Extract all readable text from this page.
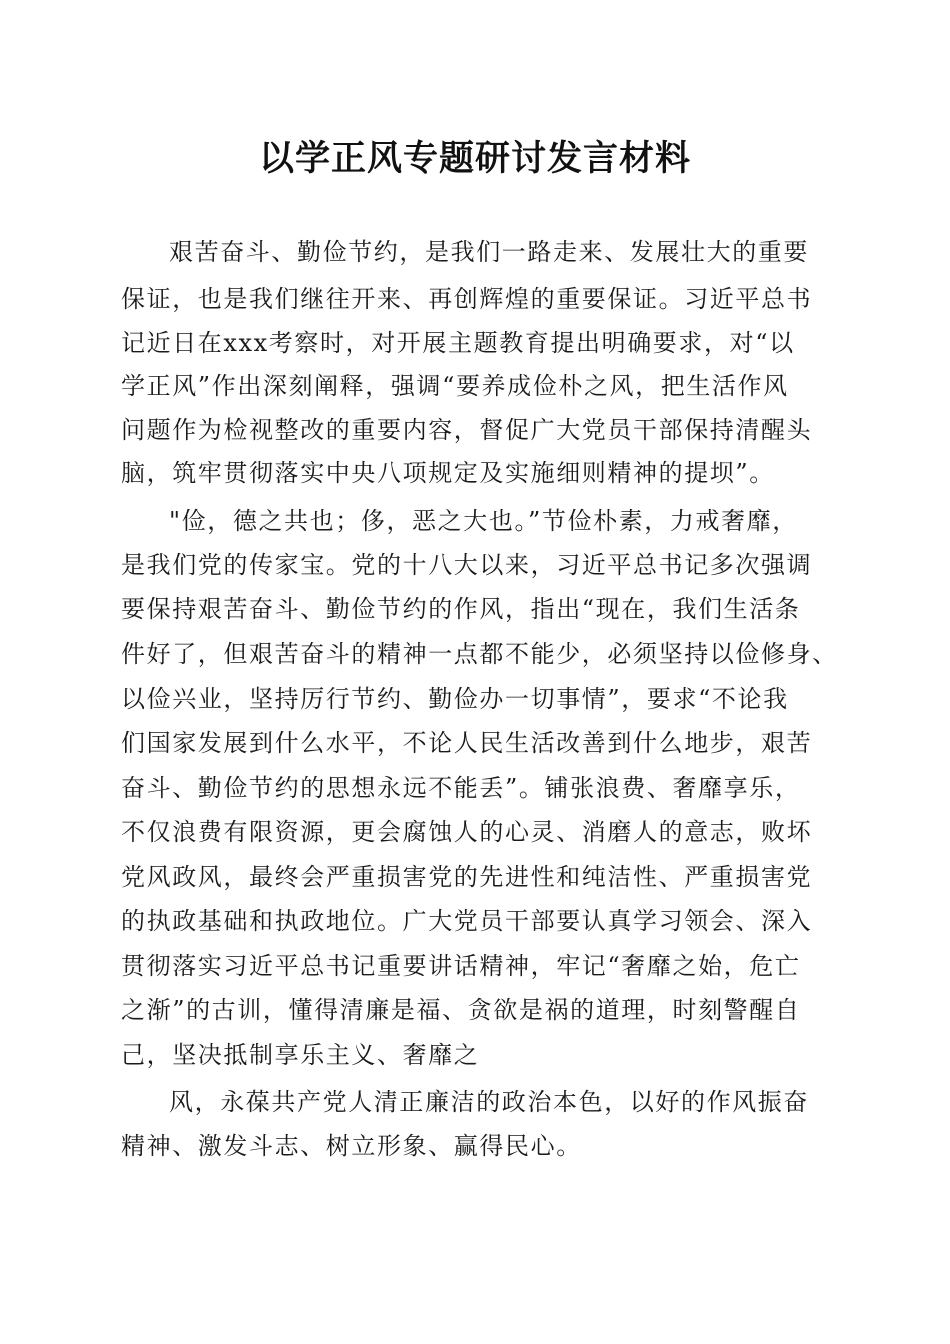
以学正风专题研讨发言材料
艰苦奋斗、勤俭节约，是我们一路走来、发展壮大的重要
保证，也是我们继往开来、再创辉煌的重要保证。习近平总书
记近日在xxx考察时，对开展主题教育提出明确要求，对“以
学正风”作出深刻阐释，强调“要养成俭朴之风，把生活作风
问题作为检视整改的重要内容，督促广大党员干部保持清醒头
脑，筑牢贯彻落实中央八项规定及实施细则精神的提坝”。
"俭，德之共也；侈，恶之大也。”节俭朴素，力戒奢靡，
是我们党的传家宝。党的十八大以来，习近平总书记多次强调
要保持艰苦奋斗、勤俭节约的作风，指出“现在，我们生活条
件好了，但艰苦奋斗的精神一点都不能少，必须坚持以俭修身、
以俭兴业，坚持厉行节约、勤俭办一切事情”，要求“不论我
们国家发展到什么水平，不论人民生活改善到什么地步，艰苦
奋斗、勤俭节约的思想永远不能丢”。铺张浪费、奢靡享乐，
不仅浪费有限资源，更会腐蚀人的心灵、消磨人的意志，败坏
党风政风，最终会严重损害党的先进性和纯洁性、严重损害党
的执政基础和执政地位。广大党员干部要认真学习领会、深入
贯彻落实习近平总书记重要讲话精神，牢记“奢靡之始，危亡
之渐”的古训，懂得清廉是福、贪欲是祸的道理，时刻警醒自
己，坚决抵制享乐主义、奢靡之
风，永葆共产党人清正廉洁的政治本色，以好的作风振奋
精神、激发斗志、树立形象、赢得民心。
